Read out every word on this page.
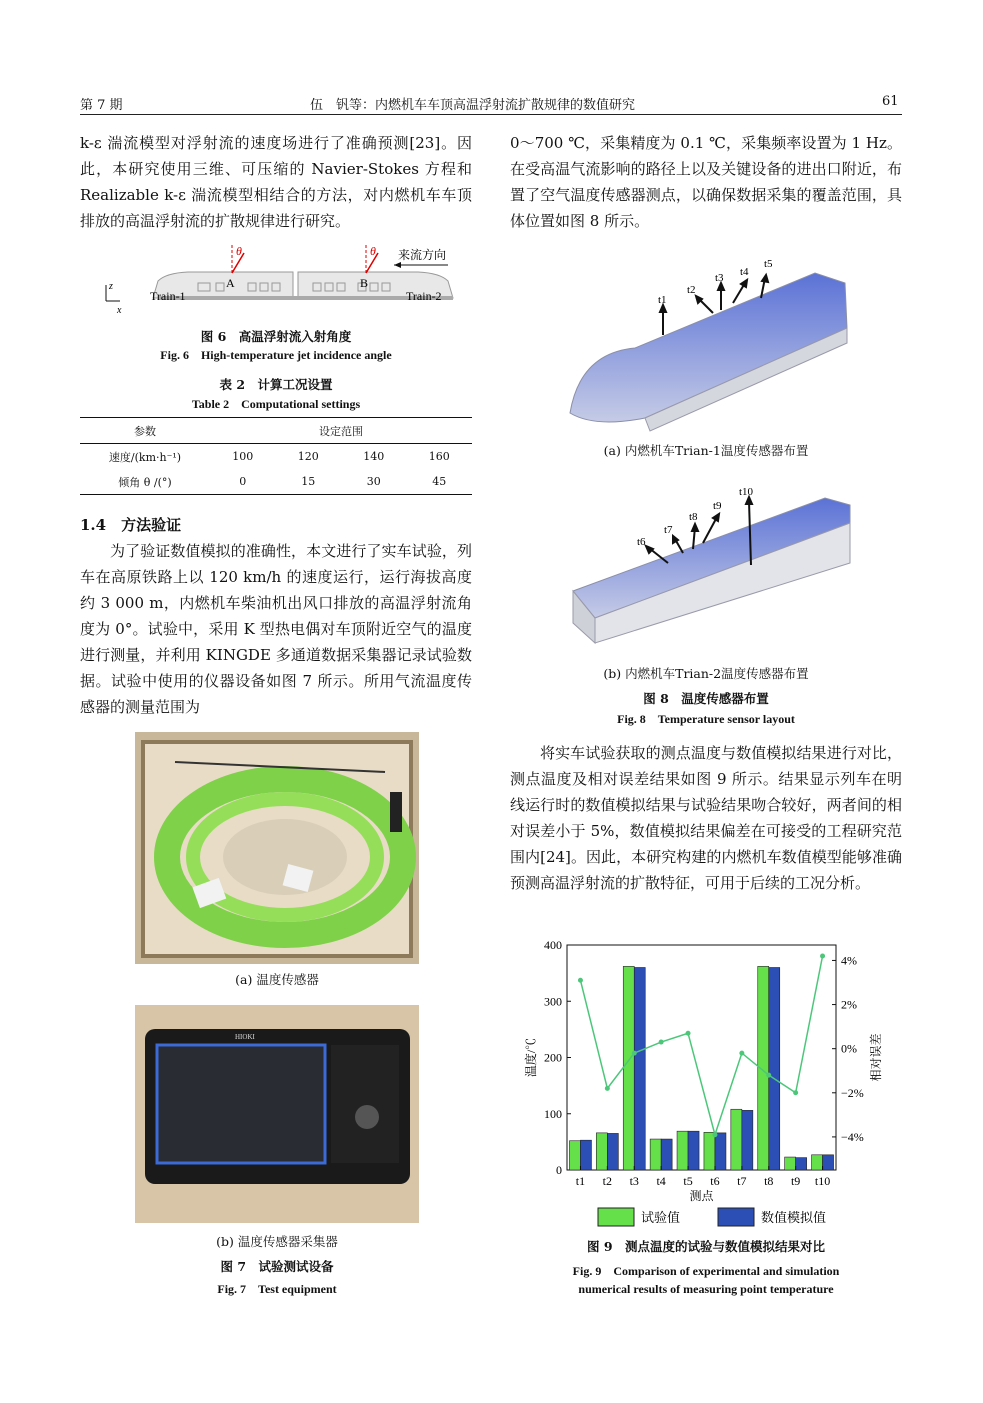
第 7 期	伍　钒等：内燃机车车顶高温浮射流扩散规律的数值研究	61
k-ε 湍流模型对浮射流的速度场进行了准确预测[23]。因此，本研究使用三维、可压缩的 Navier-Stokes 方程和 Realizable k-ε 湍流模型相结合的方法，对内燃机车车顶排放的高温浮射流的扩散规律进行研究。
θ	θ
A	B
Train-1	Train-2
来流方向
z
x
图 6　高温浮射流入射角度
Fig. 6　High-temperature jet incidence angle
表 2　计算工况设置
Table 2　Computational settings
参数	设定范围			
速度/(km·h⁻¹)	100	120	140	160
倾角 θ /(°)	0	15	30	45
1.4　方法验证
为了验证数值模拟的准确性，本文进行了实车试验，列车在高原铁路上以 120 km/h 的速度运行，运行海拔高度约 3 000 m，内燃机车柴油机出风口排放的高温浮射流角度为 0°。试验中，采用 K 型热电偶对车顶附近空气的温度进行测量，并利用 KINGDE 多通道数据采集器记录试验数据。试验中使用的仪器设备如图 7 所示。所用气流温度传感器的测量范围为
(a) 温度传感器
HIOKI
(b) 温度传感器采集器
图 7　试验测试设备
Fig. 7　Test equipment
0～700 ℃，采集精度为 0.1 ℃，采集频率设置为 1 Hz。在受高温气流影响的路径上以及关键设备的进出口附近，布置了空气温度传感器测点，以确保数据采集的覆盖范围，具体位置如图 8 所示。
t1
t2
t3 t4
t5
(a) 内燃机车Trian-1温度传感器布置
t6
t7
t8
t9
t10
(b) 内燃机车Trian-2温度传感器布置
图 8　温度传感器布置
Fig. 8　Temperature sensor layout
将实车试验获取的测点温度与数值模拟结果进行对比，测点温度及相对误差结果如图 9 所示。结果显示列车在明线运行时的数值模拟结果与试验结果吻合较好，两者间的相对误差小于 5%，数值模拟结果偏差在可接受的工程研究范围内[24]。因此，本研究构建的内燃机车数值模型能够准确预测高温浮射流的扩散特征，可用于后续的工况分析。
0
100
200
300
400
−4%
−2%
0%
2%
4%
t1 t2 t3 t4 t5 t6 t7 t8 t9 t10
测点
温度/℃	相对误差
试验值	数值模拟值
图 9　测点温度的试验与数值模拟结果对比
Fig. 9　Comparison of experimental and simulation
numerical results of measuring point temperature
